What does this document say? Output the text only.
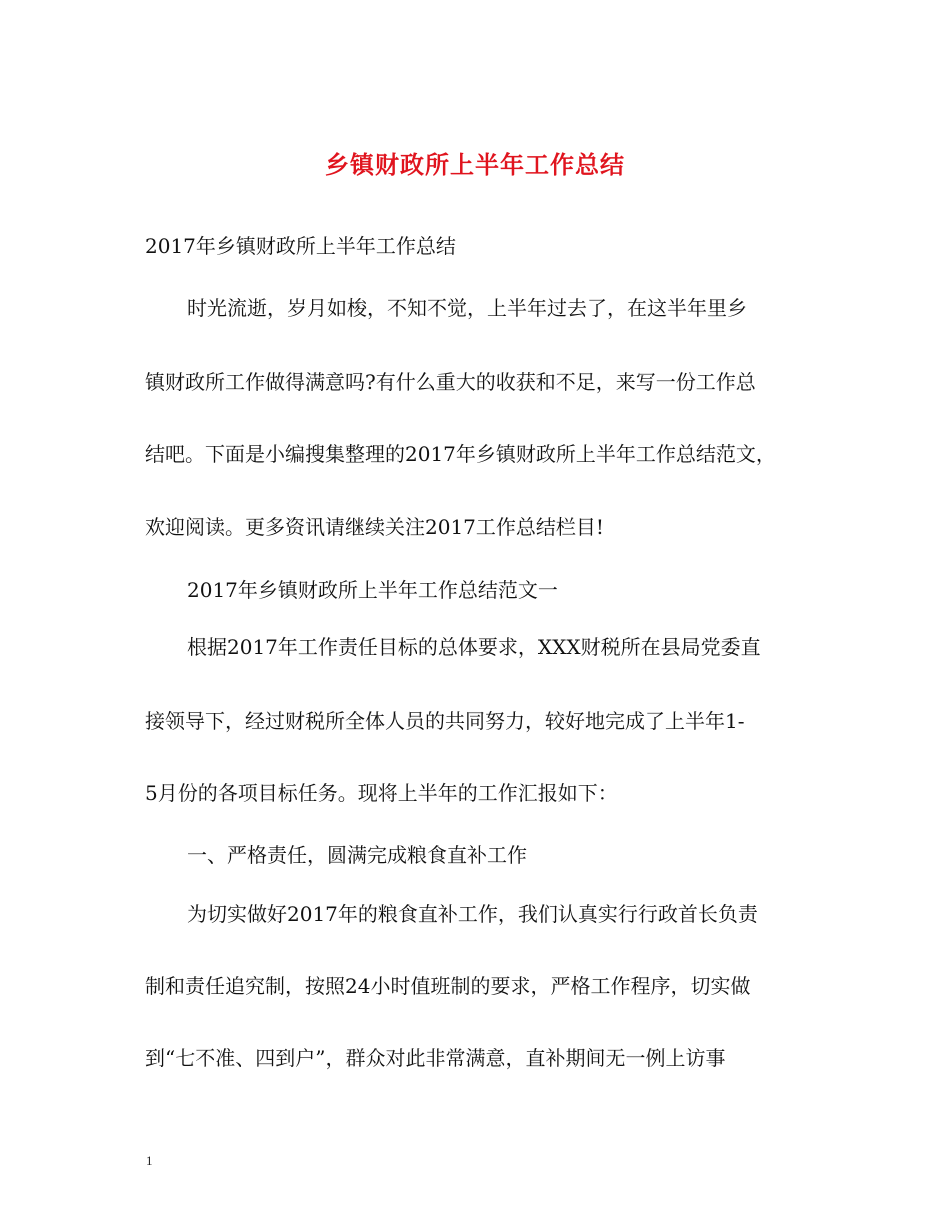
乡镇财政所上半年工作总结
2017年乡镇财政所上半年工作总结
时光流逝，岁月如梭，不知不觉，上半年过去了，在这半年里乡
镇财政所工作做得满意吗?有什么重大的收获和不足，来写一份工作总
结吧。下面是小编搜集整理的2017年乡镇财政所上半年工作总结范文，
欢迎阅读。更多资讯请继续关注2017工作总结栏目!
2017年乡镇财政所上半年工作总结范文一
根据2017年工作责任目标的总体要求，XXX财税所在县局党委直
接领导下，经过财税所全体人员的共同努力，较好地完成了上半年1-
5月份的各项目标任务。现将上半年的工作汇报如下：
一、严格责任，圆满完成粮食直补工作
为切实做好2017年的粮食直补工作，我们认真实行行政首长负责
制和责任追究制，按照24小时值班制的要求，严格工作程序，切实做
到“七不准、四到户”，群众对此非常满意，直补期间无一例上访事
1
